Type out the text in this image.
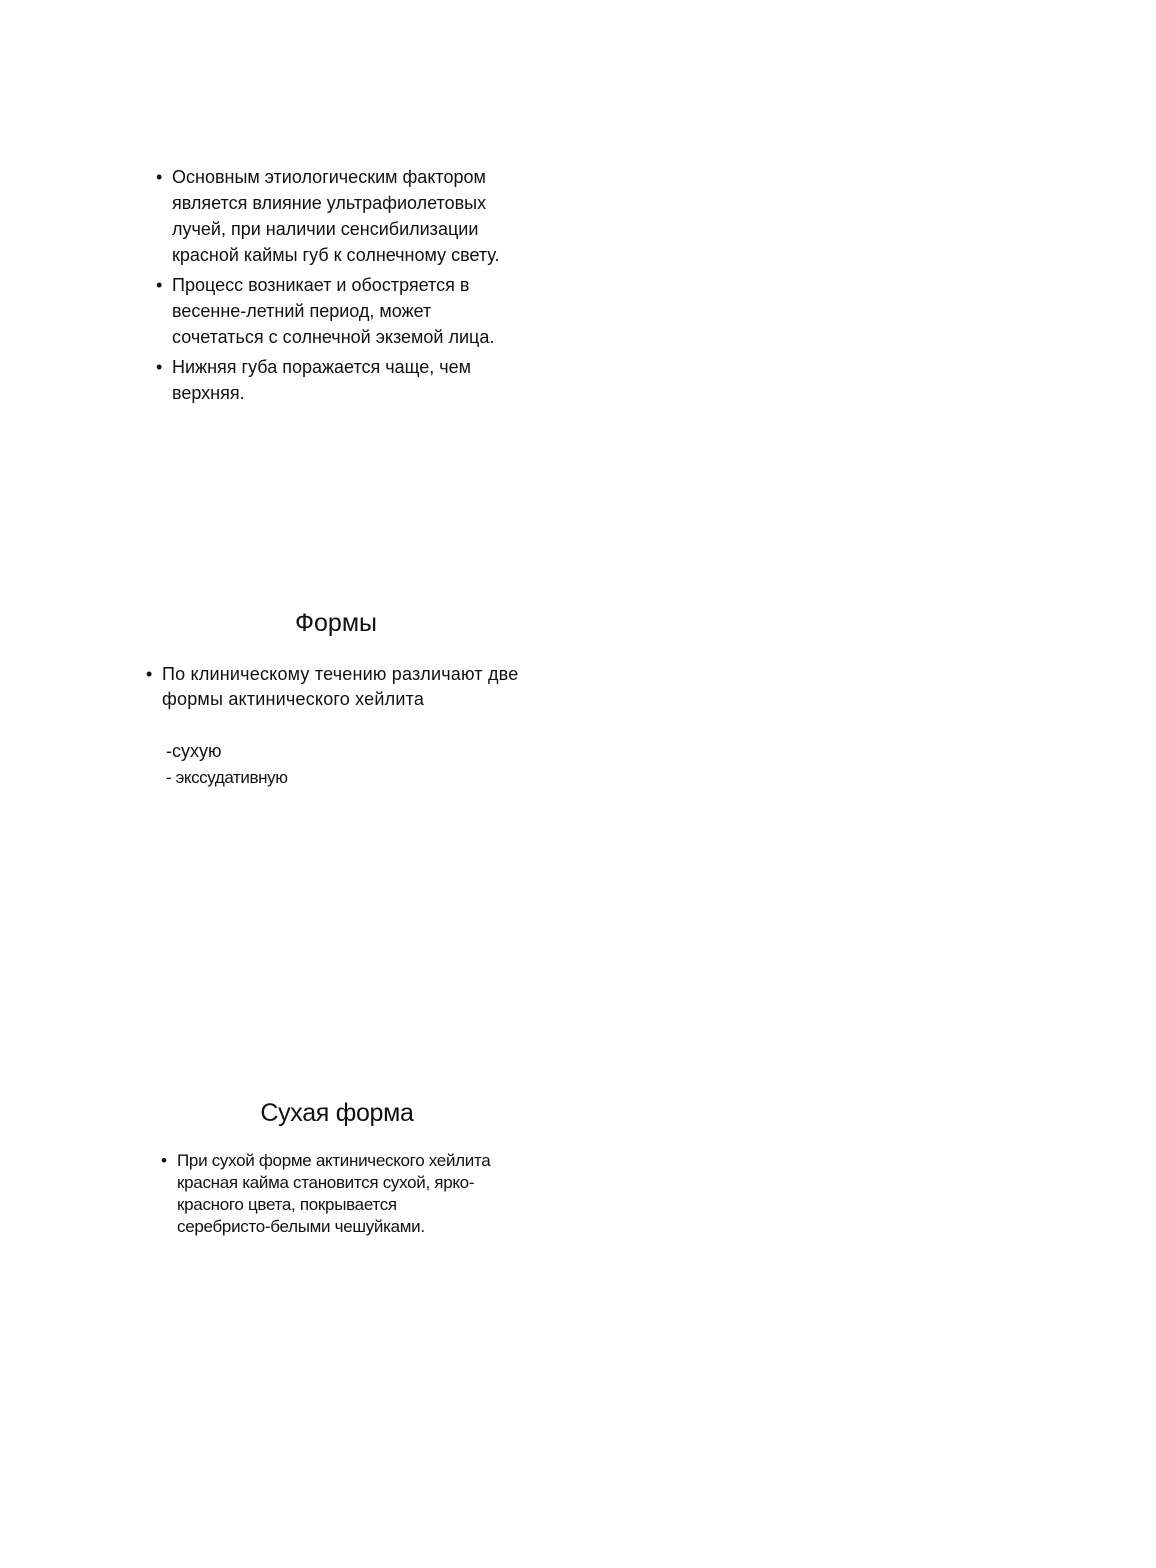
• Основным этиологическим фактором является влияние ультрафиолетовых лучей, при наличии сенсибилизации красной каймы губ к солнечному свету.
• Процесс возникает и обостряется в весенне-летний период, может сочетаться с солнечной экземой лица.
• Нижняя губа поражается чаще, чем верхняя.
Формы
• По клиническому течению различают две формы актинического хейлита
-сухую
- экссудативную
Сухая форма
• При сухой форме актинического хейлита красная кайма становится сухой, ярко-красного цвета, покрывается серебристо-белыми чешуйками.
